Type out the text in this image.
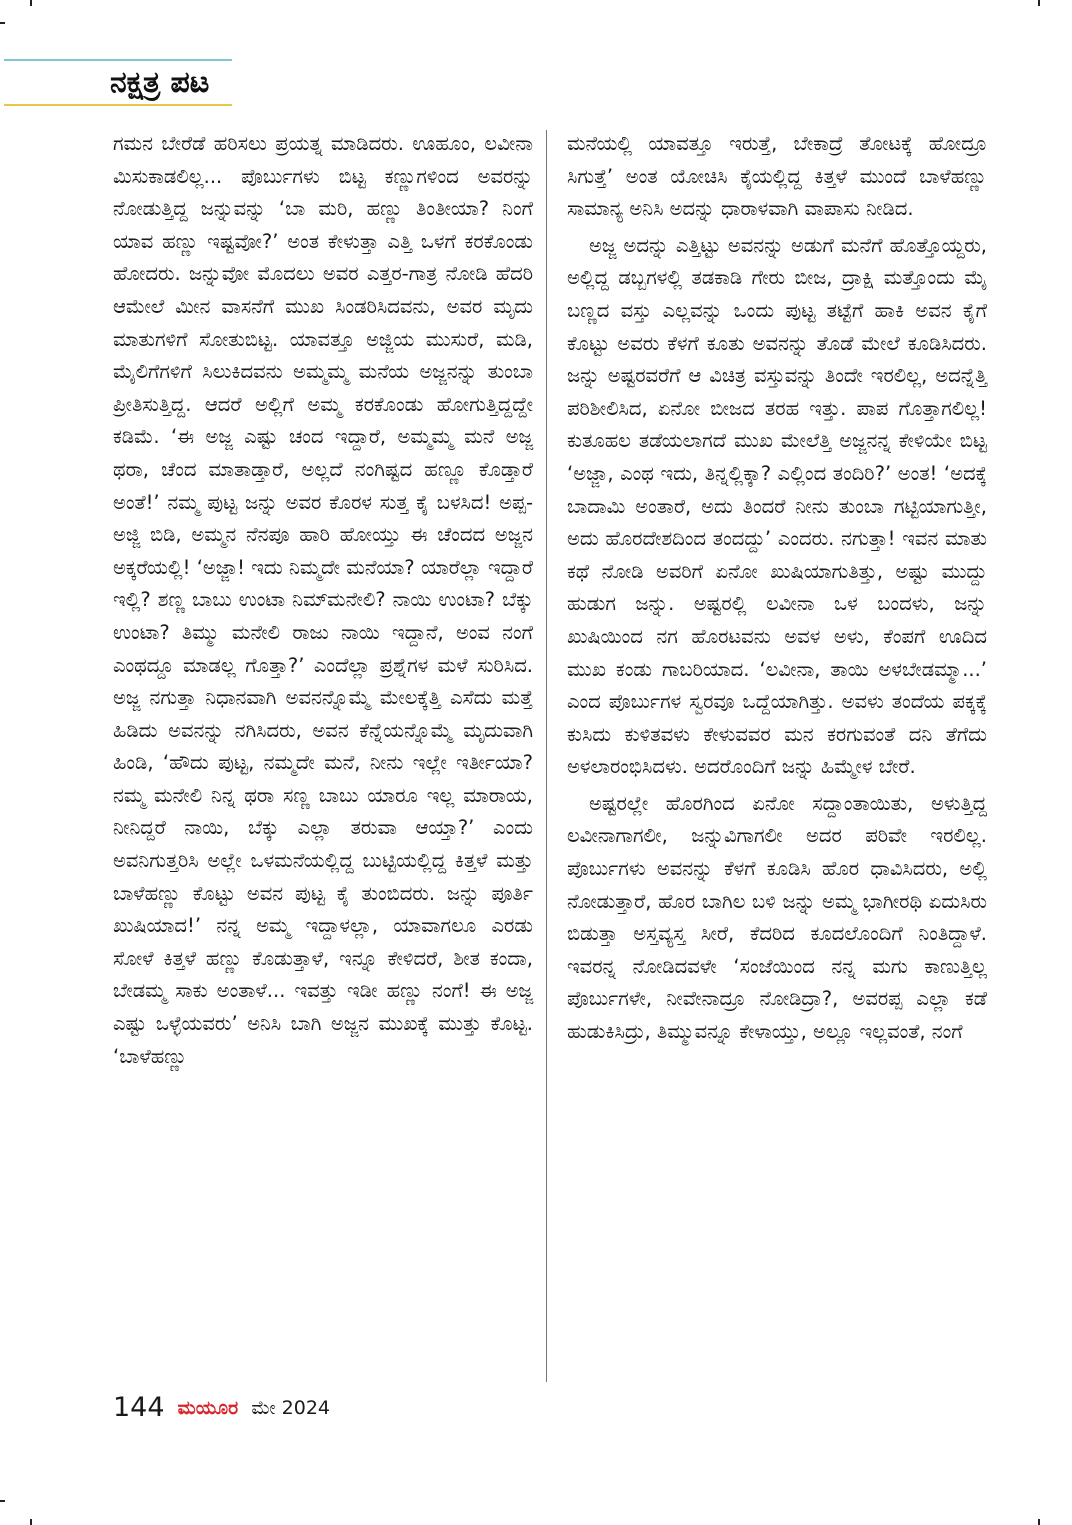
ನಕ್ಷತ್ರ ಪಟ

ಗಮನ ಬೇರೆಡೆ ಹರಿಸಲು ಪ್ರಯತ್ನ ಮಾಡಿದರು. ಊಹೂಂ, ಲವೀನಾ ಮಿಸುಕಾಡಲಿಲ್ಲ... ಪೊರ್ಬುಗಳು ಬಿಟ್ಟ ಕಣ್ಣುಗಳಿಂದ ಅವರನ್ನು ನೋಡುತ್ತಿದ್ದ ಜನ್ನುವನ್ನು ‘ಬಾ ಮರಿ, ಹಣ್ಣು ತಿಂತೀಯಾ? ನಿಂಗೆ ಯಾವ ಹಣ್ಣು ಇಷ್ಟವೋ?’ ಅಂತ ಕೇಳುತ್ತಾ ಎತ್ತಿ ಒಳಗೆ ಕರಕೊಂಡು ಹೋದರು. ಜನ್ನುವೋ ಮೊದಲು ಅವರ ಎತ್ತರ-ಗಾತ್ರ ನೋಡಿ ಹೆದರಿ ಆಮೇಲೆ ಮೀನ ವಾಸನೆಗೆ ಮುಖ ಸಿಂಡರಿಸಿದವನು, ಅವರ ಮೃದು ಮಾತುಗಳಿಗೆ ಸೋತುಬಿಟ್ಟ. ಯಾವತ್ತೂ ಅಜ್ಜಿಯ ಮುಸುರೆ, ಮಡಿ, ಮೈಲಿಗೆಗಳಿಗೆ ಸಿಲುಕಿದವನು ಅಮ್ಮಮ್ಮ ಮನೆಯ ಅಜ್ಜನನ್ನು ತುಂಬಾ ಪ್ರೀತಿಸುತ್ತಿದ್ದ. ಆದರೆ ಅಲ್ಲಿಗೆ ಅಮ್ಮ ಕರಕೊಂಡು ಹೋಗುತ್ತಿದ್ದದ್ದೇ ಕಡಿಮೆ. ‘ಈ ಅಜ್ಜ ಎಷ್ಟು ಚಂದ ಇದ್ದಾರೆ, ಅಮ್ಮಮ್ಮ ಮನೆ ಅಜ್ಜ ಥರಾ, ಚೆಂದ ಮಾತಾಡ್ತಾರೆ, ಅಲ್ಲದೆ ನಂಗಿಷ್ಟದ ಹಣ್ಣೂ ಕೊಡ್ತಾರೆ ಅಂತೆ!’ ನಮ್ಮ ಪುಟ್ಟ ಜನ್ನು ಅವರ ಕೊರಳ ಸುತ್ತ ಕೈ ಬಳಸಿದ! ಅಪ್ಪ-ಅಜ್ಜಿ ಬಿಡಿ, ಅಮ್ಮನ ನೆನಪೂ ಹಾರಿ ಹೋಯ್ತು ಈ ಚೆಂದದ ಅಜ್ಜನ ಅಕ್ಕರೆಯಲ್ಲಿ! ‘ಅಜ್ಜಾ! ಇದು ನಿಮ್ಮದೇ ಮನೆಯಾ? ಯಾರೆಲ್ಲಾ ಇದ್ದಾರೆ ಇಲ್ಲಿ? ಶಣ್ಣ ಬಾಬು ಉಂಟಾ ನಿಮ್‍ಮನೇಲಿ? ನಾಯಿ ಉಂಟಾ? ಬೆಕ್ಕು ಉಂಟಾ? ತಿಮ್ಮು ಮನೇಲಿ ರಾಜು ನಾಯಿ ಇದ್ದಾನೆ, ಅಂವ ನಂಗೆ ಎಂಥದ್ದೂ ಮಾಡಲ್ಲ ಗೊತ್ತಾ?’ ಎಂದೆಲ್ಲಾ ಪ್ರಶ್ನೆಗಳ ಮಳೆ ಸುರಿಸಿದ. ಅಜ್ಜ ನಗುತ್ತಾ ನಿಧಾನವಾಗಿ ಅವನನ್ನೊಮ್ಮೆ ಮೇಲಕ್ಕೆತ್ತಿ ಎಸೆದು ಮತ್ತೆ ಹಿಡಿದು ಅವನನ್ನು ನಗಿಸಿದರು, ಅವನ ಕೆನ್ನೆಯನ್ನೊಮ್ಮೆ ಮೃದುವಾಗಿ ಹಿಂಡಿ, ‘ಹೌದು ಪುಟ್ಟ, ನಮ್ಮದೇ ಮನೆ, ನೀನು ಇಲ್ಲೇ ಇರ್ತೀಯಾ? ನಮ್ಮ ಮನೇಲಿ ನಿನ್ನ ಥರಾ ಸಣ್ಣ ಬಾಬು ಯಾರೂ ಇಲ್ಲ ಮಾರಾಯ, ನೀನಿದ್ದರೆ ನಾಯಿ, ಬೆಕ್ಕು ಎಲ್ಲಾ ತರುವಾ ಆಯ್ತಾ?’ ಎಂದು ಅವನಿಗುತ್ತರಿಸಿ ಅಲ್ಲೇ ಒಳಮನೆಯಲ್ಲಿದ್ದ ಬುಟ್ಟಿಯಲ್ಲಿದ್ದ ಕಿತ್ತಳೆ ಮತ್ತು ಬಾಳೆಹಣ್ಣು ಕೊಟ್ಟು ಅವನ ಪುಟ್ಟ ಕೈ ತುಂಬಿದರು. ಜನ್ನು ಪೂರ್ತಿ ಖುಷಿಯಾದ!’ ನನ್ನ ಅಮ್ಮ ಇದ್ದಾಳಲ್ಲಾ, ಯಾವಾಗಲೂ ಎರಡು ಸೋಳೆ ಕಿತ್ತಳೆ ಹಣ್ಣು ಕೊಡುತ್ತಾಳೆ, ಇನ್ನೂ ಕೇಳಿದರೆ, ಶೀತ ಕಂದಾ, ಬೇಡಮ್ಮ ಸಾಕು ಅಂತಾಳೆ... ಇವತ್ತು ಇಡೀ ಹಣ್ಣು ನಂಗೆ! ಈ ಅಜ್ಜ ಎಷ್ಟು ಒಳ್ಳೆಯವರು’ ಅನಿಸಿ ಬಾಗಿ ಅಜ್ಜನ ಮುಖಕ್ಕೆ ಮುತ್ತು ಕೊಟ್ಟ. ‘ಬಾಳೆಹಣ್ಣು

ಮನೆಯಲ್ಲಿ ಯಾವತ್ತೂ ಇರುತ್ತೆ, ಬೇಕಾದ್ರೆ ತೋಟಕ್ಕೆ ಹೋದ್ರೂ ಸಿಗುತ್ತೆ’ ಅಂತ ಯೋಚಿಸಿ ಕೈಯಲ್ಲಿದ್ದ ಕಿತ್ತಳೆ ಮುಂದೆ ಬಾಳೆಹಣ್ಣು ಸಾಮಾನ್ಯ ಅನಿಸಿ ಅದನ್ನು ಧಾರಾಳವಾಗಿ ವಾಪಾಸು ನೀಡಿದ.

ಅಜ್ಜ ಅದನ್ನು ಎತ್ತಿಟ್ಟು ಅವನನ್ನು ಅಡುಗೆ ಮನೆಗೆ ಹೊತ್ತೊಯ್ದರು, ಅಲ್ಲಿದ್ದ ಡಬ್ಬಗಳಲ್ಲಿ ತಡಕಾಡಿ ಗೇರು ಬೀಜ, ದ್ರಾಕ್ಷಿ ಮತ್ತೊಂದು ಮೈ ಬಣ್ಣದ ವಸ್ತು ಎಲ್ಲವನ್ನು ಒಂದು ಪುಟ್ಟ ತಟ್ಟೆಗೆ ಹಾಕಿ ಅವನ ಕೈಗೆ ಕೊಟ್ಟು ಅವರು ಕೆಳಗೆ ಕೂತು ಅವನನ್ನು ತೊಡೆ ಮೇಲೆ ಕೂಡಿಸಿದರು. ಜನ್ನು ಅಷ್ಟರವರೆಗೆ ಆ ವಿಚಿತ್ರ ವಸ್ತುವನ್ನು ತಿಂದೇ ಇರಲಿಲ್ಲ, ಅದನ್ನೆತ್ತಿ ಪರಿಶೀಲಿಸಿದ, ಏನೋ ಬೀಜದ ತರಹ ಇತ್ತು. ಪಾಪ ಗೊತ್ತಾಗಲಿಲ್ಲ! ಕುತೂಹಲ ತಡೆಯಲಾಗದೆ ಮುಖ ಮೇಲೆತ್ತಿ ಅಜ್ಜನನ್ನ ಕೇಳಿಯೇ ಬಿಟ್ಟ ‘ಅಜ್ಜಾ, ಎಂಥ ಇದು, ತಿನ್ನಲ್ಲಿಕ್ಕಾ? ಎಲ್ಲಿಂದ ತಂದಿರಿ?’ ಅಂತ! ‘ಅದಕ್ಕೆ ಬಾದಾಮಿ ಅಂತಾರೆ, ಅದು ತಿಂದರೆ ನೀನು ತುಂಬಾ ಗಟ್ಟಿಯಾಗುತ್ತೀ, ಅದು ಹೊರದೇಶದಿಂದ ತಂದದ್ದು’ ಎಂದರು. ನಗುತ್ತಾ! ಇವನ ಮಾತು ಕಥೆ ನೋಡಿ ಅವರಿಗೆ ಏನೋ ಖುಷಿಯಾಗುತಿತ್ತು, ಅಷ್ಟು ಮುದ್ದು ಹುಡುಗ ಜನ್ನು. ಅಷ್ಟರಲ್ಲಿ ಲವೀನಾ ಒಳ ಬಂದಳು, ಜನ್ನು ಖುಷಿಯಿಂದ ನಗ ಹೊರಟವನು ಅವಳ ಅಳು, ಕೆಂಪಗೆ ಊದಿದ ಮುಖ ಕಂಡು ಗಾಬರಿಯಾದ. ‘ಲವೀನಾ, ತಾಯಿ ಅಳಬೇಡಮ್ಮಾ...’ ಎಂದ ಪೊರ್ಬುಗಳ ಸ್ವರವೂ ಒದ್ದೆಯಾಗಿತ್ತು. ಅವಳು ತಂದೆಯ ಪಕ್ಕಕ್ಕೆ ಕುಸಿದು ಕುಳಿತವಳು ಕೇಳುವವರ ಮನ ಕರಗುವಂತೆ ದನಿ ತೆಗೆದು ಅಳಲಾರಂಭಿಸಿದಳು. ಅದರೊಂದಿಗೆ ಜನ್ನು ಹಿಮ್ಮೇಳ ಬೇರೆ.

ಅಷ್ಟರಲ್ಲೇ ಹೊರಗಿಂದ ಏನೋ ಸದ್ದಾಂತಾಯಿತು, ಅಳುತ್ತಿದ್ದ ಲವೀನಾಗಾಗಲೀ, ಜನ್ನುವಿಗಾಗಲೀ ಅದರ ಪರಿವೇ ಇರಲಿಲ್ಲ. ಪೊರ್ಬುಗಳು ಅವನನ್ನು ಕೆಳಗೆ ಕೂಡಿಸಿ ಹೊರ ಧಾವಿಸಿದರು, ಅಲ್ಲಿ ನೋಡುತ್ತಾರೆ, ಹೊರ ಬಾಗಿಲ ಬಳಿ ಜನ್ನು ಅಮ್ಮ ಭಾಗೀರಥಿ ಏದುಸಿರು ಬಿಡುತ್ತಾ ಅಸ್ತವ್ಯಸ್ತ ಸೀರೆ, ಕೆದರಿದ ಕೂದಲೊಂದಿಗೆ ನಿಂತಿದ್ದಾಳೆ. ಇವರನ್ನ ನೋಡಿದವಳೇ ‘ಸಂಜೆಯಿಂದ ನನ್ನ ಮಗು ಕಾಣುತ್ತಿಲ್ಲ ಪೊರ್ಬುಗಳೇ, ನೀವೇನಾದ್ರೂ ನೋಡಿದ್ರಾ?, ಅವರಪ್ಪ ಎಲ್ಲಾ ಕಡೆ ಹುಡುಕಿಸಿದ್ರು, ತಿಮ್ಮುವನ್ನೂ ಕೇಳಾಯ್ತು, ಅಲ್ಲೂ ಇಲ್ಲವಂತೆ, ನಂಗೆ

144 ಮಯೂರ ಮೇ 2024
